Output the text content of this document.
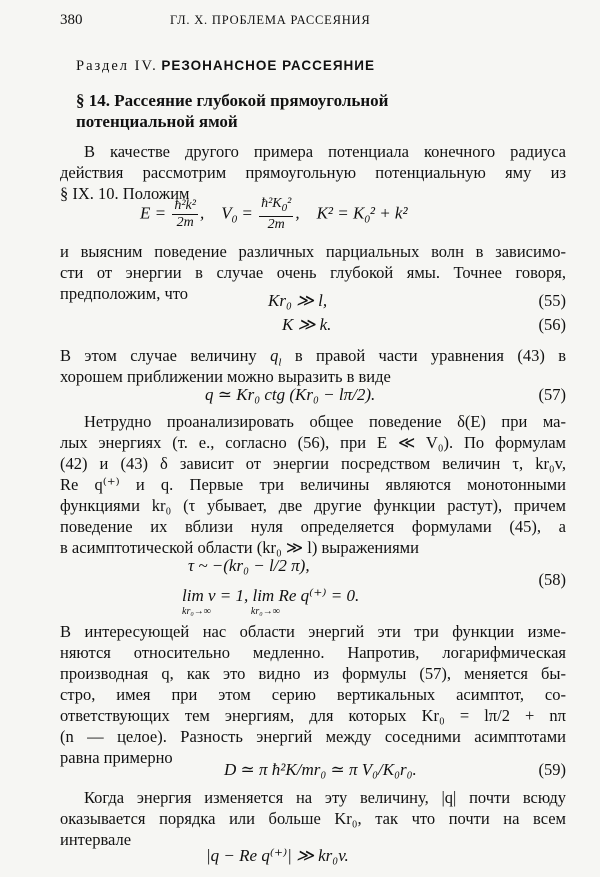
380	ГЛ. X. ПРОБЛЕМА РАССЕЯНИЯ
Раздел IV. РЕЗОНАНСНОЕ РАССЕЯНИЕ
§ 14. Рассеяние глубокой прямоугольной
потенциальной ямой
В качестве другого примера потенциала конечного радиуса
действия рассмотрим прямоугольную потенциальную яму из
§ IX. 10. Положим
$E = \frac{\text{ħ²k²}}{2m}$ ,    $V_0 = \frac{ħ^2K_0^2}{2m}$ ,    $K^2 = K_0^2 + k^2$
и выясним поведение различных парциальных волн в зависимо-
сти от энергии в случае очень глубокой ямы. Точнее говоря,
предположим, что	Kr₀ ≫ l,	(55)
K ≫ k.	(56)
В этом случае величину $q_l$ в правой части уравнения (43) в
хорошем приближении можно выразить в виде
q ≃ Kr₀ ctg (Kr₀ − lπ/2).	(57)
Нетрудно проанализировать общее поведение δ(E) при ма-
лых энергиях (т. е., согласно (56), при E ≪ V₀). По формулам
(42) и (43) δ зависит от энергии посредством величин τ, kr₀v,
Re q⁽⁺⁾ и q. Первые три величины являются монотонными
функциями kr₀ (τ убывает, две другие функции растут), причем
поведение их вблизи нуля определяется формулами (45), а
в асимптотической области (kr₀ ≫ l) выражениями
τ ~ −(kr₀ − l/2 π),
lim v = 1, lim Re q⁽⁺⁾ = 0.
kr₀→∞                kr₀→∞
(58)
В интересующей нас области энергий эти три функции изме-
няются относительно медленно. Напротив, логарифмическая
производная q, как это видно из формулы (57), меняется бы-
стро, имея при этом серию вертикальных асимптот, со-
ответствующих тем энергиям, для которых Kr₀ = lπ/2 + nπ
(n — целое). Разность энергий между соседними асимптотами
равна примерно
D ≃ π ħ²K/mr₀ ≃ π V₀/K₀r₀.	(59)
Когда энергия изменяется на эту величину, |q| почти всюду
оказывается порядка или больше Kr₀, так что почти на всем
интервале
|q − Re q⁽⁺⁾| ≫ kr₀v.
